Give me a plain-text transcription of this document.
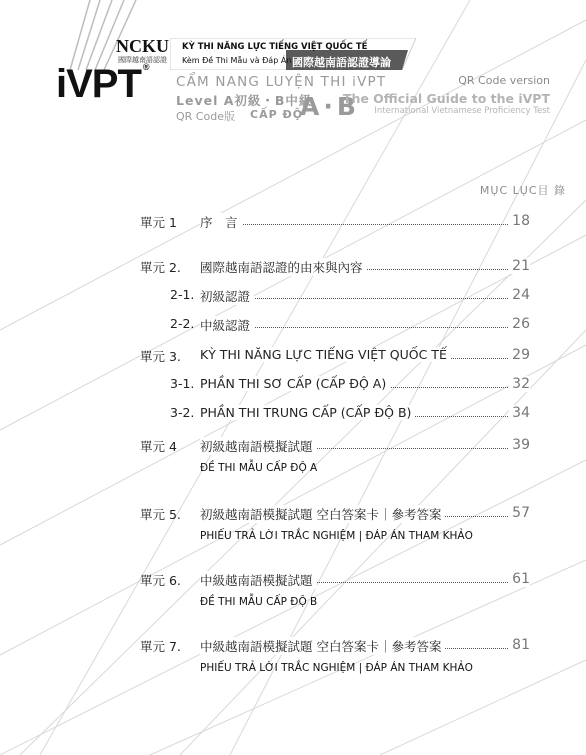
NCKU
國際越南語認證
iVPT ®
KỲ THI NĂNG LỰC TIẾNG VIỆT QUỐC TẾ
Kèm Đề Thi Mẫu và Đáp Án 國際越南語認證導論
CẨM NANG LUYỆN THI iVPT
Level A初級・B中級
QR Code版 CẤP ĐỘ
A·B
QR Code version
The Official Guide to the iVPT
International Vietnamese Proficiency Test
MỤC LỤC目 錄
單元 1 序　言	18
單元 2. 國際越南語認證的由來與內容	21
2-1. 初級認證	24
2-2. 中級認證	26
單元 3. KỲ THI NĂNG LỰC TIẾNG VIỆT QUỐC TẾ	29
3-1. PHẦN THI SƠ CẤP (CẤP ĐỘ A)	32
3-2. PHẦN THI TRUNG CẤP (CẤP ĐỘ B)	34
單元 4 初級越南語模擬試題	39
ĐỀ THI MẪU CẤP ĐỘ A
單元 5. 初級越南語模擬試題 空白答案卡｜參考答案	57
PHIẾU TRẢ LỜI TRẮC NGHIỆM | ĐÁP ÁN THAM KHẢO
單元 6. 中級越南語模擬試題	61
ĐỀ THI MẪU CẤP ĐỘ B
單元 7. 中級越南語模擬試題 空白答案卡｜參考答案	81
PHIẾU TRẢ LỜI TRẮC NGHIỆM | ĐÁP ÁN THAM KHẢO
